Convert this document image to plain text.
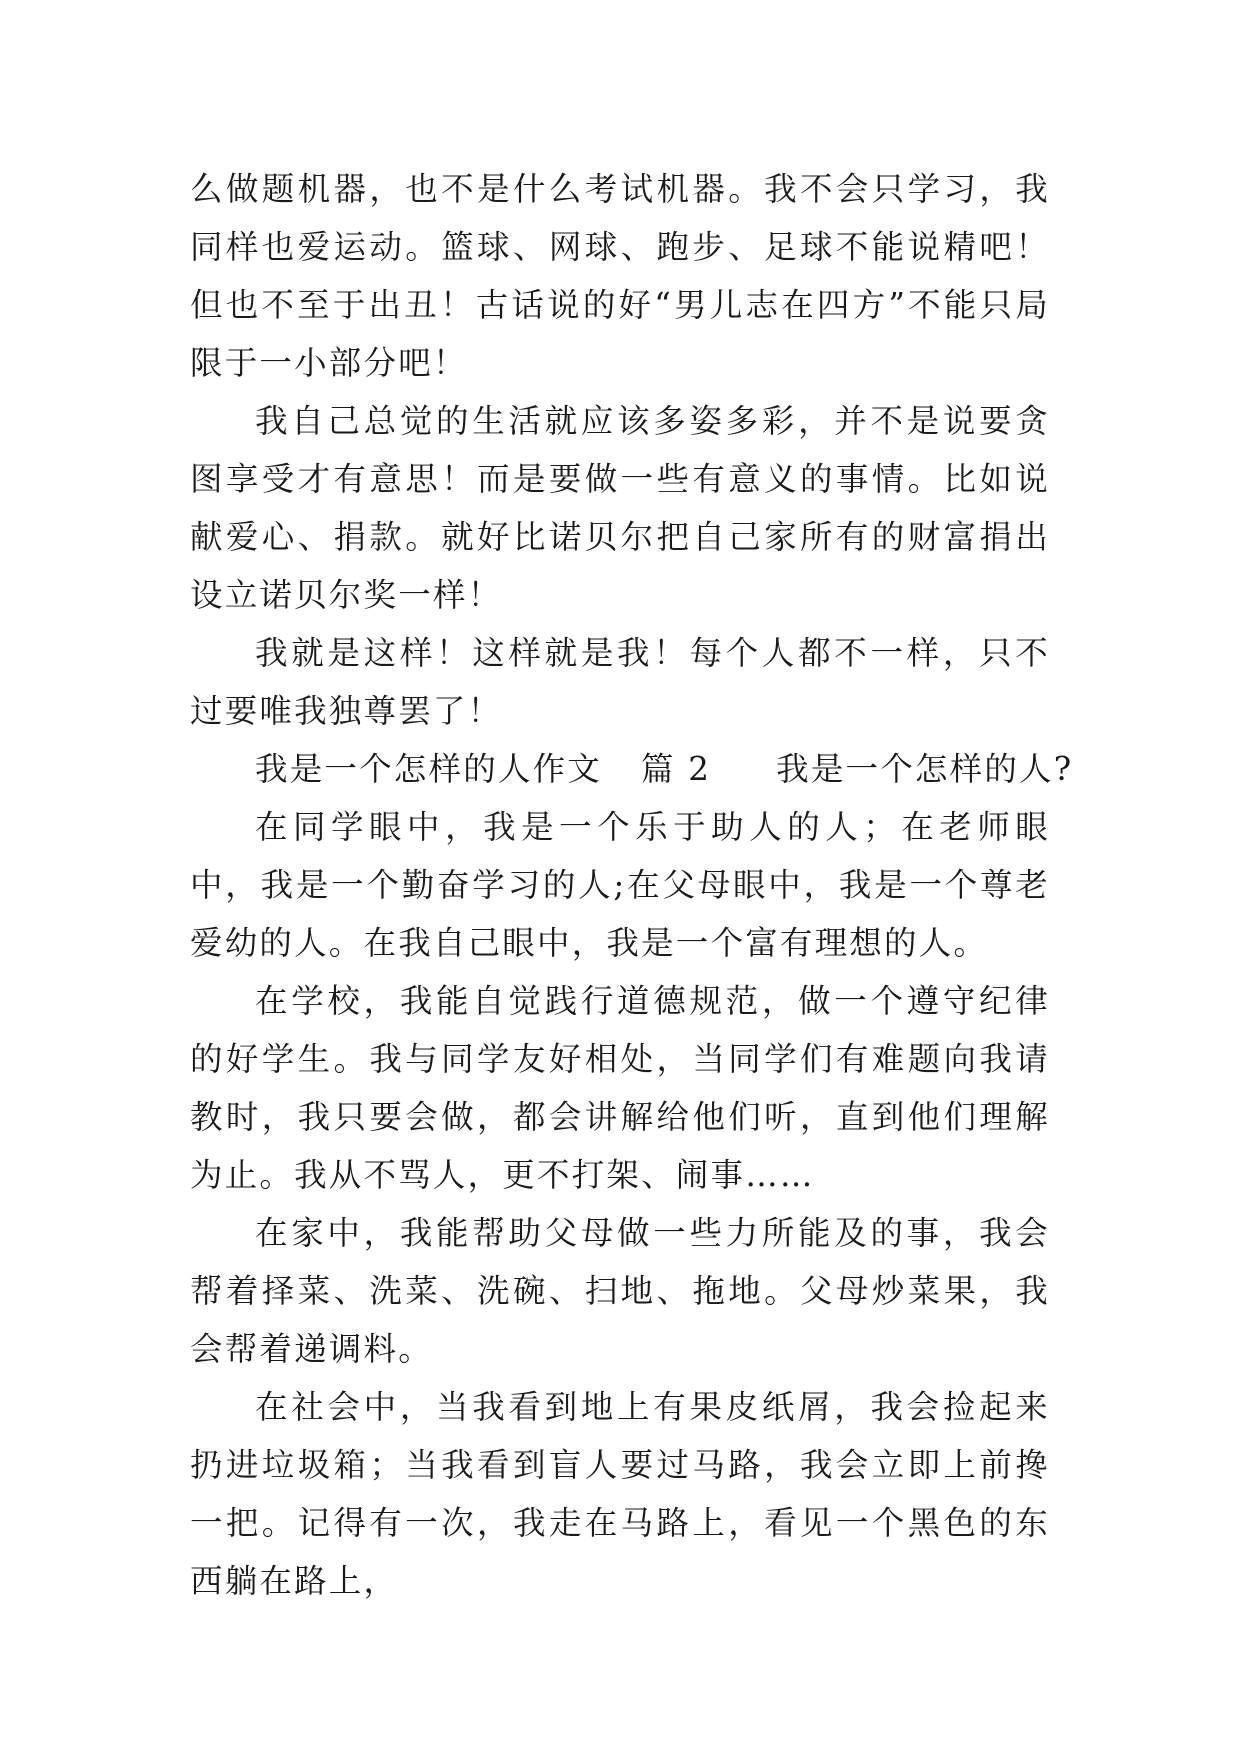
么做题机器，也不是什么考试机器。我不会只学习，我同样也爱运动。篮球、网球、跑步、足球不能说精吧！但也不至于出丑！古话说的好“男儿志在四方”不能只局限于一小部分吧！

我自己总觉的生活就应该多姿多彩，并不是说要贪图享受才有意思！而是要做一些有意义的事情。比如说献爱心、捐款。就好比诺贝尔把自己家所有的财富捐出设立诺贝尔奖一样！

我就是这样！这样就是我！每个人都不一样，只不过要唯我独尊罢了！

我是一个怎样的人作文 篇 2 我是一个怎样的人?

在同学眼中，我是一个乐于助人的人；在老师眼中，我是一个勤奋学习的人;在父母眼中，我是一个尊老爱幼的人。在我自己眼中，我是一个富有理想的人。

在学校，我能自觉践行道德规范，做一个遵守纪律的好学生。我与同学友好相处，当同学们有难题向我请教时，我只要会做，都会讲解给他们听，直到他们理解为止。我从不骂人，更不打架、闹事……

在家中，我能帮助父母做一些力所能及的事，我会帮着择菜、洗菜、洗碗、扫地、拖地。父母炒菜果，我会帮着递调料。

在社会中，当我看到地上有果皮纸屑，我会捡起来扔进垃圾箱；当我看到盲人要过马路，我会立即上前搀一把。记得有一次，我走在马路上，看见一个黑色的东西躺在路上，
